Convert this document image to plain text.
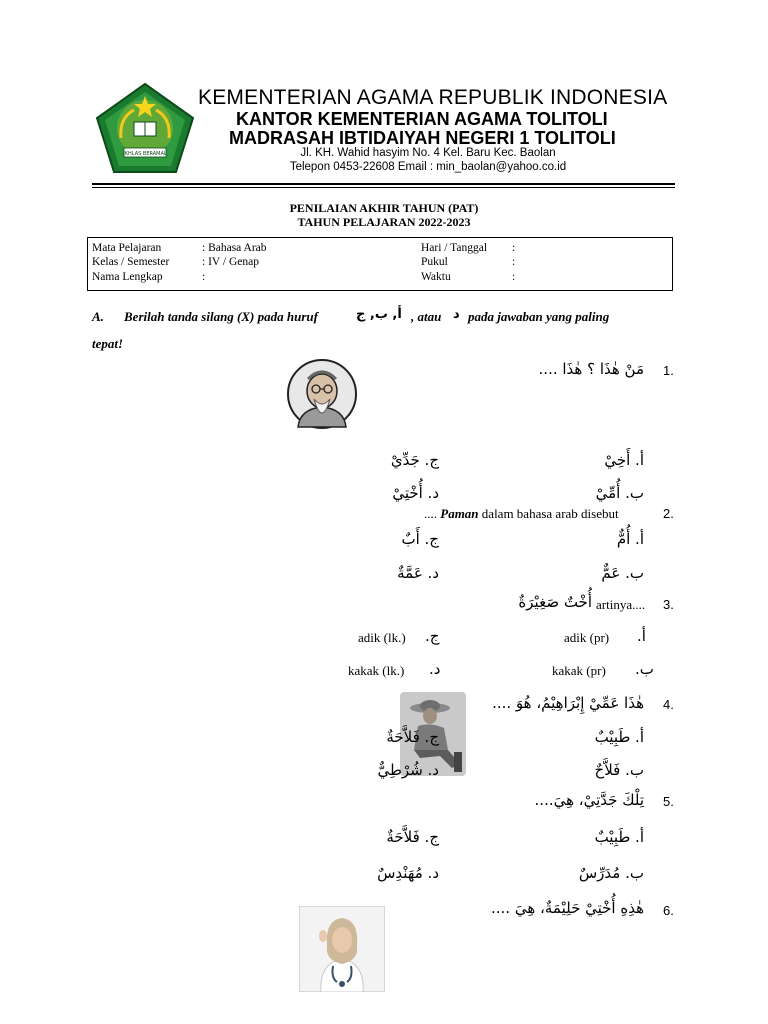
IKHLAS BERAMAL
KEMENTERIAN AGAMA REPUBLIK INDONESIA
KANTOR KEMENTERIAN AGAMA TOLITOLI
MADRASAH IBTIDAIYAH NEGERI 1 TOLITOLI
Jl. KH. Wahid hasyim No. 4 Kel. Baru Kec. Baolan
Telepon 0453-22608 Email : min_baolan@yahoo.co.id
PENILAIAN AKHIR TAHUN (PAT)
TAHUN PELAJARAN 2022-2023
Mata Pelajaran	: Bahasa Arab
Kelas / Semester	: IV / Genap
Nama Lengkap	:
Hari / Tanggal :
Pukul	:
Waktu	:
A. Berilah tanda silang (X) pada huruf	أ, ب, ج , atau د pada jawaban yang paling
tepat!
1.
مَنْ هٰذَا ؟ هٰذَا ....
أ. أَخِيْ
ج. جَدِّيْ
ب. أُمِّيْ
د. أُخْتِيْ
2.
.... Paman dalam bahasa arab disebut
أ. أُمٌّ
ج. أَبٌ
ب. عَمٌّ
د. عَمَّةٌ
3.
artinya....
أُخْتٌ صَغِيْرَةٌ
أ.
adik (pr)
ج.
adik (lk.)
ب.
kakak (pr)
د.
kakak (lk.)
4.
هٰذَا عَمِّيْ إِبْرَاهِيْمُ، هُوَ ....
أ. طَبِيْبٌ
ج. فَلاَّحَةٌ
ب. فَلاَّحٌ
د. شُرْطِيٌّ
5.
تِلْكَ جَدَّتِيْ، هِيَ....
أ. طَبِيْبٌ
ج. فَلاَّحَةٌ
ب. مُدَرِّسٌ
د. مُهَنْدِسٌ
6.
هٰذِهِ أُخْتِيْ حَلِيْمَةٌ، هِيَ ....
